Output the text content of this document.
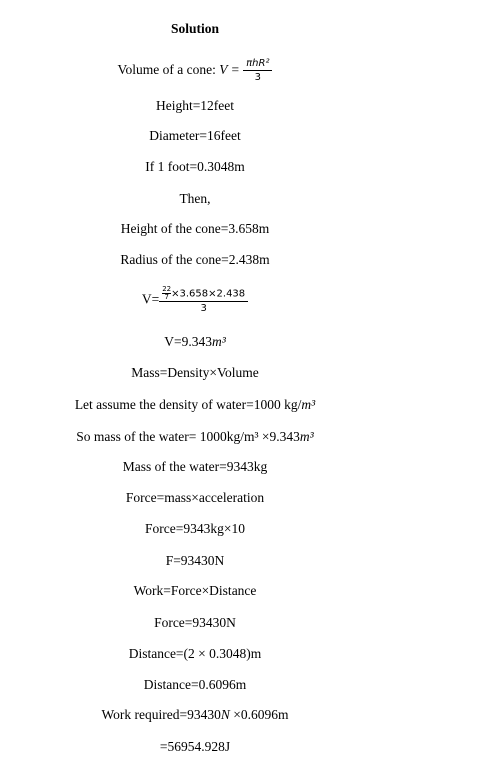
Solution
Volume of a cone: $V = \frac{\text{πhR²}}{3}$
Height=12feet
Diameter=16feet
If 1 foot=0.3048m
Then,
Height of the cone=3.658m
Radius of the cone=2.438m
$V= \frac{\frac{22}{7} \times 3.658\times 2.438}{3}$
V=9.343m³
Mass=Density×Volume
Let assume the density of water=1000 kg/m³
So mass of the water= 1000kg/m³ ×9.343m³
Mass of the water=9343kg
Force=mass×acceleration
Force=9343kg×10
F=93430N
Work=Force×Distance
Force=93430N
Distance=(2 × 0.3048)m
Distance=0.6096m
Work required=93430N ×0.6096m
=56954.928J
